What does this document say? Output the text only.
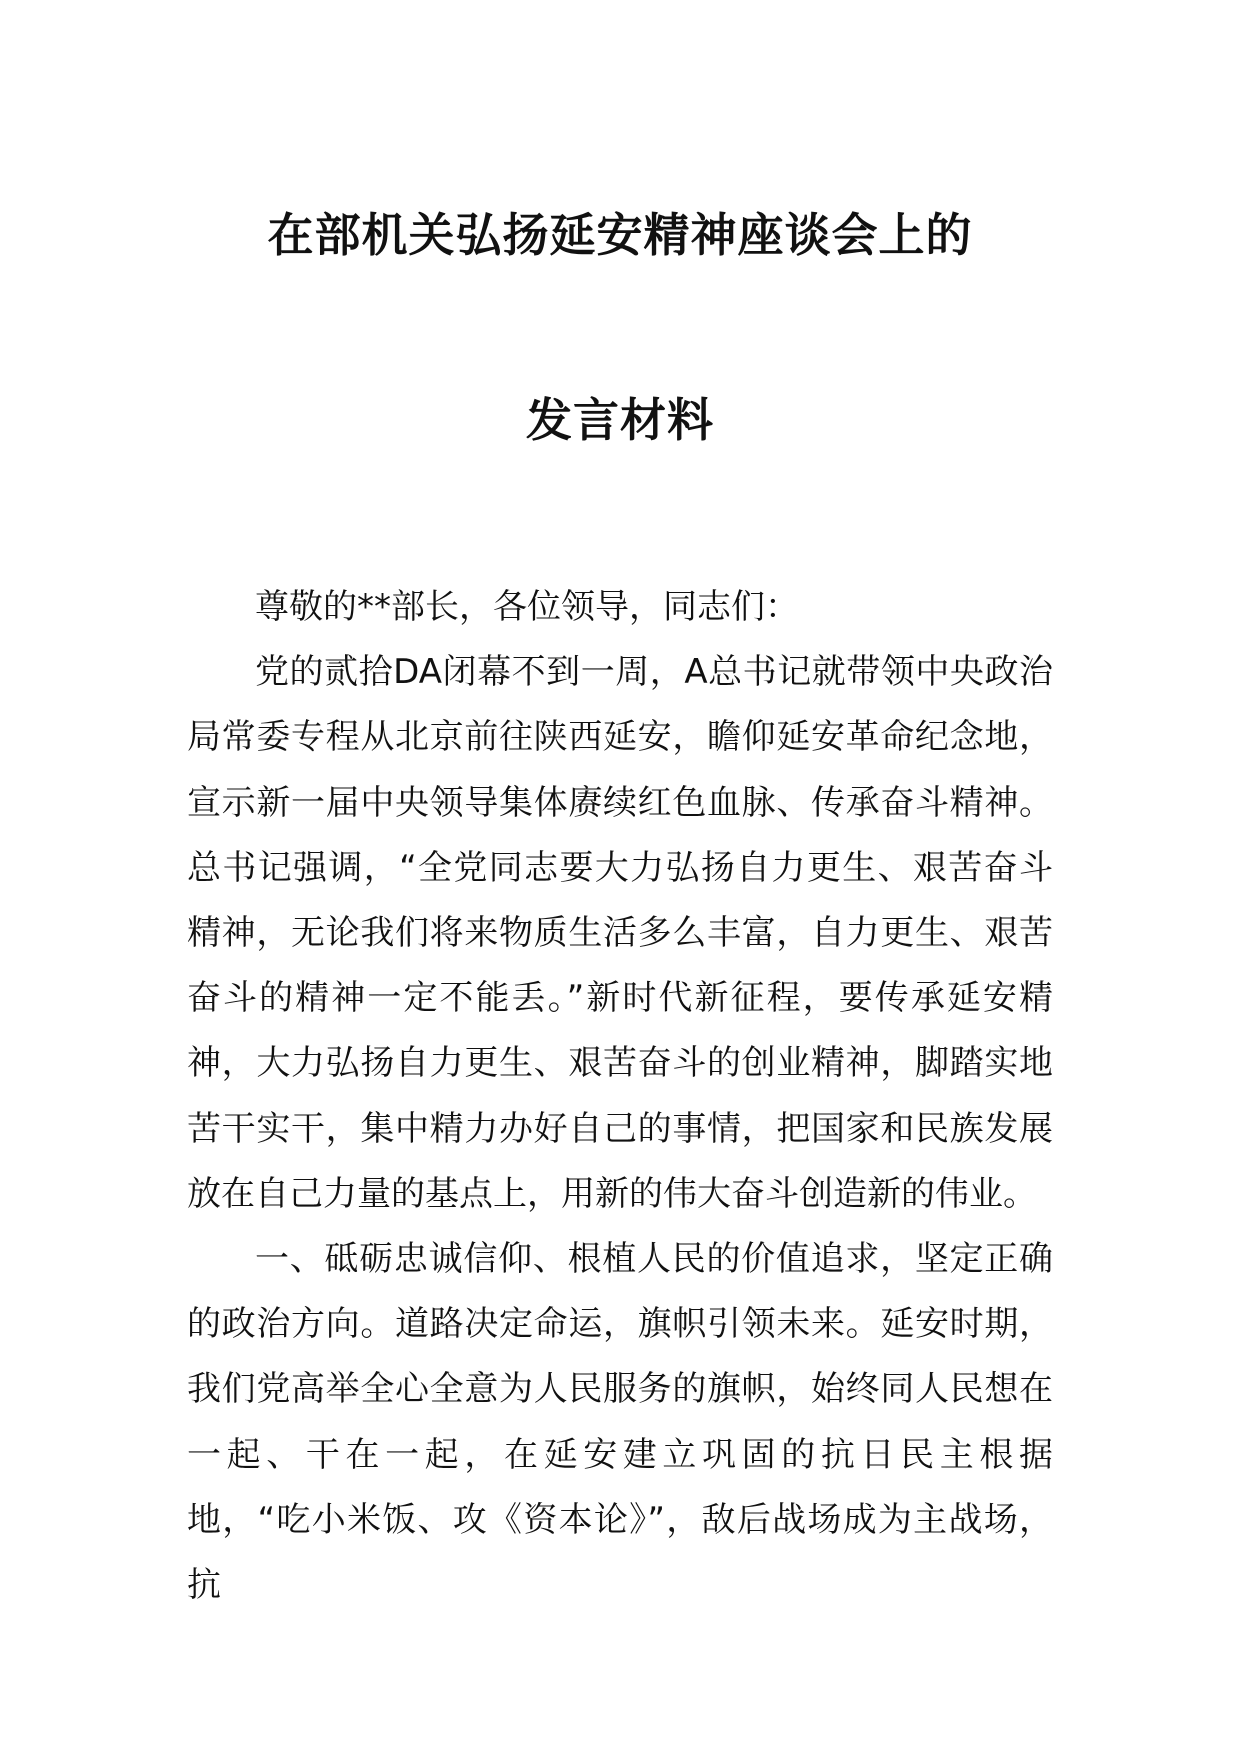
在部机关弘扬延安精神座谈会上的
发言材料

尊敬的**部长，各位领导，同志们：

党的贰拾DA闭幕不到一周，A总书记就带领中央政治局常委专程从北京前往陕西延安，瞻仰延安革命纪念地，宣示新一届中央领导集体赓续红色血脉、传承奋斗精神。总书记强调，“全党同志要大力弘扬自力更生、艰苦奋斗精神，无论我们将来物质生活多么丰富，自力更生、艰苦奋斗的精神一定不能丢。”新时代新征程，要传承延安精神，大力弘扬自力更生、艰苦奋斗的创业精神，脚踏实地苦干实干，集中精力办好自己的事情，把国家和民族发展放在自己力量的基点上，用新的伟大奋斗创造新的伟业。

一、砥砺忠诚信仰、根植人民的价值追求，坚定正确的政治方向。道路决定命运，旗帜引领未来。延安时期，我们党高举全心全意为人民服务的旗帜，始终同人民想在一起、干在一起，在延安建立巩固的抗日民主根据地，“吃小米饭、攻《资本论》”，敌后战场成为主战场，抗
